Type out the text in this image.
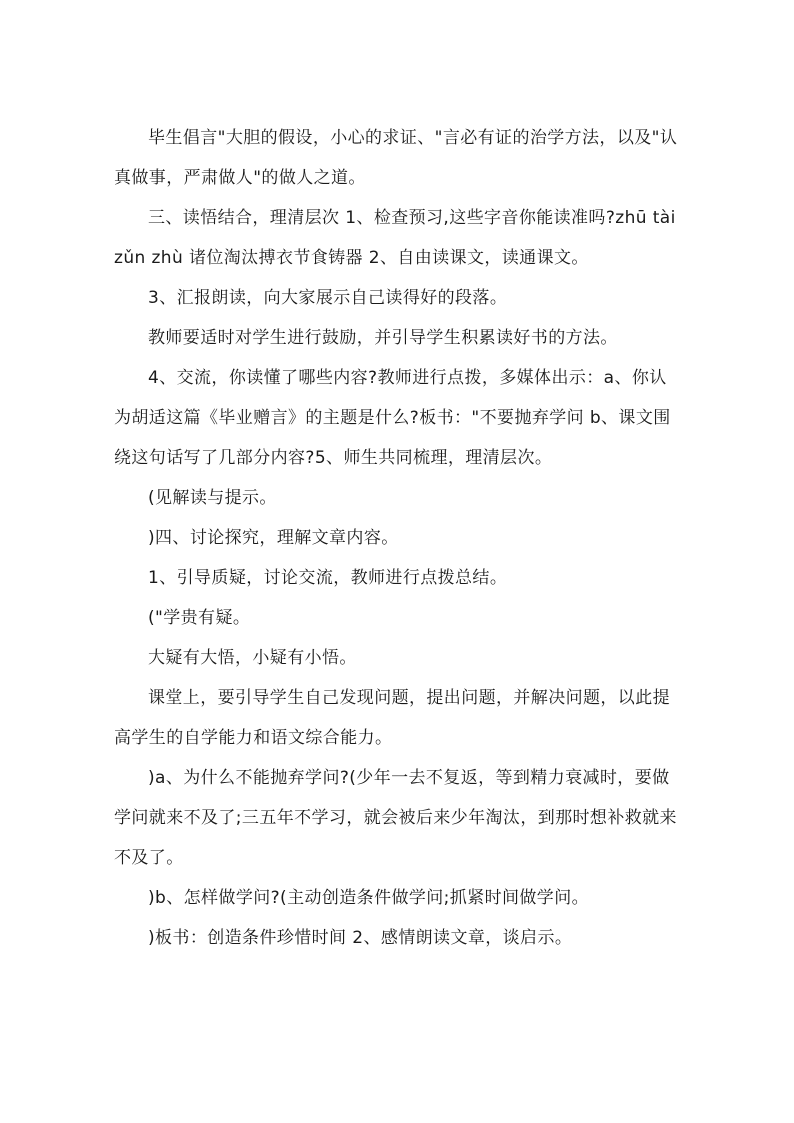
毕生倡言"大胆的假设，小心的求证、"言必有证的治学方法，以及"认真做事，严肃做人"的做人之道。

三、读悟结合，理清层次 1、检查预习,这些字音你能读准吗?zhū tài zǔn zhù 诸位淘汰搏衣节食铸器 2、自由读课文，读通课文。

3、汇报朗读，向大家展示自己读得好的段落。

教师要适时对学生进行鼓励，并引导学生积累读好书的方法。

4、交流，你读懂了哪些内容?教师进行点拨，多媒体出示：a、你认为胡适这篇《毕业赠言》的主题是什么?板书："不要抛弃学问 b、课文围绕这句话写了几部分内容?5、师生共同梳理，理清层次。

(见解读与提示。

)四、讨论探究，理解文章内容。

1、引导质疑，讨论交流，教师进行点拨总结。

("学贵有疑。

大疑有大悟，小疑有小悟。

课堂上，要引导学生自己发现问题，提出问题，并解决问题，以此提高学生的自学能力和语文综合能力。

)a、为什么不能抛弃学问?(少年一去不复返，等到精力衰减时，要做学问就来不及了;三五年不学习，就会被后来少年淘汰，到那时想补救就来不及了。

)b、怎样做学问?(主动创造条件做学问;抓紧时间做学问。

)板书：创造条件珍惜时间 2、感情朗读文章，谈启示。
